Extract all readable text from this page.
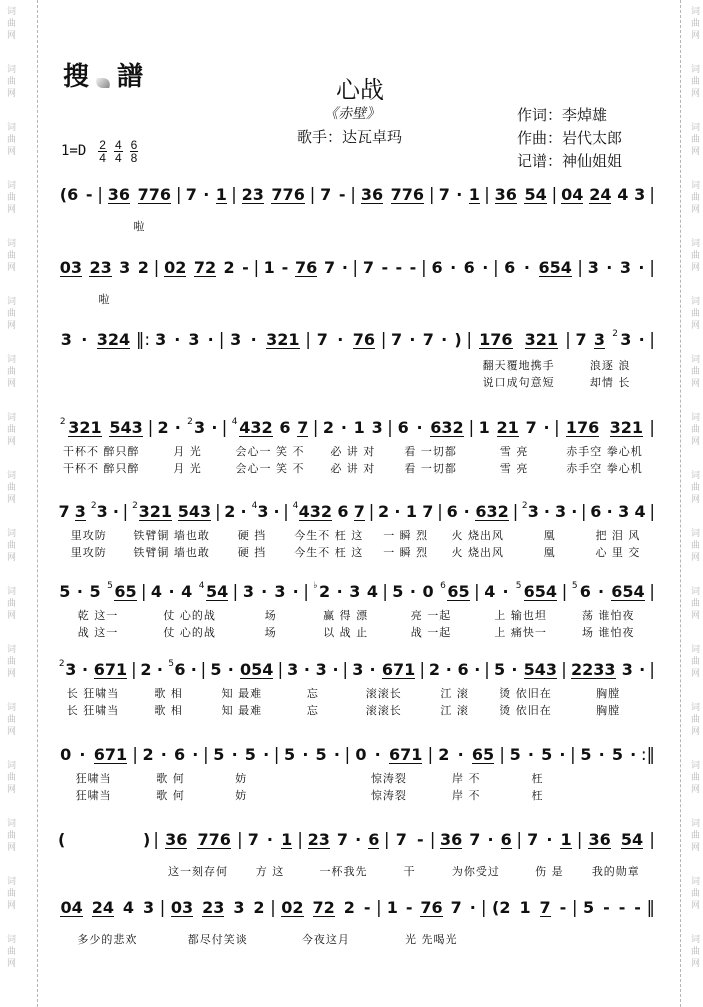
词曲网
词曲网
词曲网
词曲网
词曲网
词曲网
词曲网
词曲网
词曲网
词曲网
词曲网
词曲网
词曲网
词曲网
词曲网
词曲网
词曲网
词曲网
词曲网
词曲网
词曲网
词曲网
词曲网
词曲网
词曲网
词曲网
词曲网
词曲网
词曲网
词曲网
词曲网
词曲网
词曲网
词曲网
搜 譜	心战
《赤壁》
歌手：达瓦卓玛
作词：李焯雄
作曲：岩代太郎
记谱：神仙姐姐
$1=D \frac{2}{4} \frac{4}{4} \frac{6}{8}$
(6 - | 36 776
啦
| 7 · 1 | 23 776 | 7 - | 36 776 | 7 · 1 | 36 54 | 04 24 4 3 |
03 23 3 2
啦
| 02 72 2 - | 1 - 76 7 · | 7 - - - | 6 · 6 · | 6 · 654 | 3 · 3 · |
3 · 324 ‖: 3 · 3 · | 3 · 321 | 7 · 76 | 7 · 7 · ) | 176 321
翻天覆地携手
说口成句意短
| 7 3 2 3 ·
浪逐 浪
却情 长
|
2 321 543
干杯不 醉只醉
干杯不 醉只醉
| 2 · 2 3 ·
月 光
月 光
| 4 432 6 7
会心一 笑 不
会心一 笑 不
| 2 · 1 3
必 讲 对
必 讲 对
| 6 · 632
看 一切都
看 一切都
| 1 21 7 ·
雪 亮
雪 亮
| 176 321
赤手空 拳心机
赤手空 拳心机
|
7 3 2 3 ·
里攻防
里攻防
| 2 321 543
铁臂铜 墙也敢
铁臂铜 墙也敢
| 2 · 4 3 ·
硬 挡
硬 挡
| 4 432 6 7
今生不 枉 这
今生不 枉 这
| 2 · 1 7
一 瞬 烈
一 瞬 烈
| 6 · 632
火 烧出风
火 烧出风
| 2 3 · 3 ·
凰
凰
| 6 · 3 4
把 泪 风
心 里 交
|
5 · 5 5 65
乾 这一
战 这一
| 4 · 4 4 54
仗 心的战
仗 心的战
| 3 · 3 ·
场
场
| ♭ 2 · 3 4
赢 得 漂
以 战 止
| 5 · 0 6 65
亮 一起
战 一起
| 4 · 5 654
上 输也坦
上 痛快一
| 5 6 · 654
荡 谁怕夜
场 谁怕夜
|
2 3 · 671
长 狂啸当
长 狂啸当
| 2 · 5 6 ·
歌 相
歌 相
| 5 · 054
知 最难
知 最难
| 3 · 3 ·
忘
忘
| 3 · 671
滚滚长
滚滚长
| 2 · 6 ·
江 滚
江 滚
| 5 · 543
烫 依旧在
烫 依旧在
| 2233 3 ·
胸膛
胸膛
|
0 · 671
狂啸当
狂啸当
| 2 · 6 ·
歌 何
歌 何
| 5 · 5 ·
妨
妨
| 5 · 5 · | 0 · 671
惊涛裂
惊涛裂
| 2 · 65
岸 不
岸 不
| 5 · 5 ·
枉
枉
| 5 · 5 · :‖
(	) | 36 776
这一刻存何
| 7 · 1
方 这
| 23 7 · 6
一杯我先
| 7 -
干
| 36 7 · 6
为你受过
| 7 · 1
伤 是
| 36 54
我的勋章
|
04 24 4 3
多少的悲欢
| 03 23 3 2
都尽付笑谈
| 02 72 2 -
今夜这月
| 1 - 76 7 ·
光 先喝光
| (2 1 7 - | 5 - - - ‖
